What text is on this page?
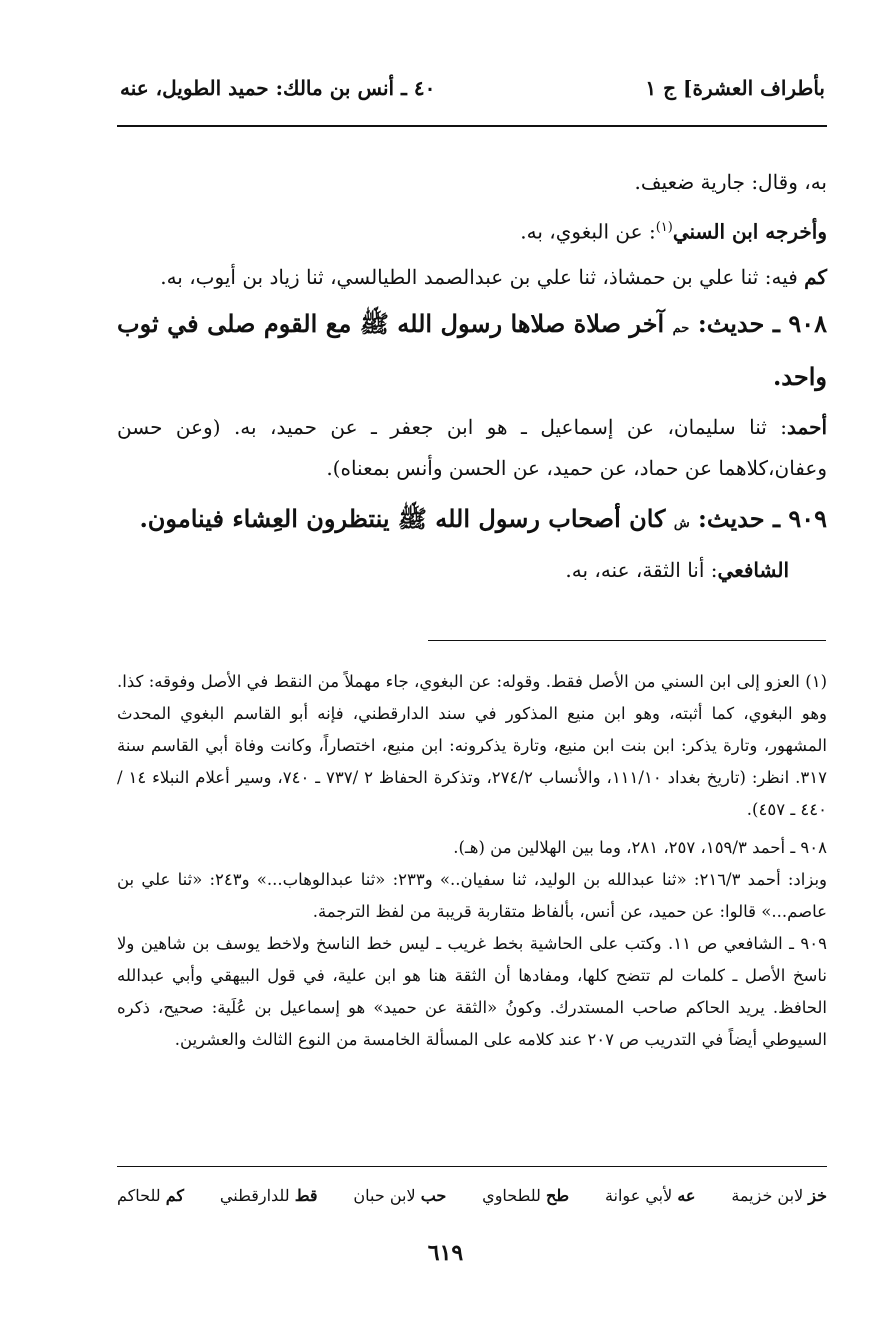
بأطراف العشرة] ج ١
٤٠ ـ أنس بن مالك: حميد الطويل، عنه

به، وقال: جارية ضعيف.

وأخرجه ابن السني$^{(١)}$: عن البغوي، به.

كم فيه: ثنا علي بن حمشاذ، ثنا علي بن عبدالصمد الطيالسي، ثنا زياد بن أيوب، به.

٩٠٨ ـ حديث: حم آخر صلاة صلاها رسول الله ﷺ مع القوم صلى في ثوب واحد.

أحمد: ثنا سليمان، عن إسماعيل ـ هو ابن جعفر ـ عن حميد، به. (وعن حسن وعفان،كلاهما عن حماد، عن حميد، عن الحسن وأنس بمعناه).

٩٠٩ ـ حديث: ش كان أصحاب رسول الله ﷺ ينتظرون العِشاء فينامون.

الشافعي: أنا الثقة، عنه، به.

(١) العزو إلى ابن السني من الأصل فقط. وقوله: عن البغوي، جاء مهملاً من النقط في الأصل وفوقه: كذا. وهو البغوي، كما أثبته، وهو ابن منيع المذكور في سند الدارقطني، فإنه أبو القاسم البغوي المحدث المشهور، وتارة يذكر: ابن بنت ابن منيع، وتارة يذكرونه: ابن منيع، اختصاراً، وكانت وفاة أبي القاسم سنة ٣١٧. انظر: (تاريخ بغداد ١١١/١٠، والأنساب ٢٧٤/٢، وتذكرة الحفاظ ٢ /٧٣٧ ـ ٧٤٠، وسير أعلام النبلاء ١٤ /٤٤٠ ـ ٤٥٧).

٩٠٨ ـ أحمد ١٥٩/٣، ٢٥٧، ٢٨١، وما بين الهلالين من (هـ).

وبزاد: أحمد ٢١٦/٣: «ثنا عبدالله بن الوليد، ثنا سفيان..» و٢٣٣: «ثنا عبدالوهاب...» و٢٤٣: «ثنا علي بن عاصم...» قالوا: عن حميد، عن أنس، بألفاظ متقاربة قريبة من لفظ الترجمة.

٩٠٩ ـ الشافعي ص ١١. وكتب على الحاشية بخط غريب ـ ليس خط الناسخ ولاخط يوسف بن شاهين ولا ناسخ الأصل ـ كلمات لم تتضح كلها، ومفادها أن الثقة هنا هو ابن علية، في قول البيهقي وأبي عبدالله الحافظ. يريد الحاكم صاحب المستدرك. وكونُ «الثقة عن حميد» هو إسماعيل بن عُلَية: صحيح، ذكره السيوطي أيضاً في التدريب ص ٢٠٧ عند كلامه على المسألة الخامسة من النوع الثالث والعشرين.

خز لابن خزيمة
عه لأبي عوانة
طح للطحاوي
حب لابن حبان
قط للدارقطني
كم للحاكم
٦١٩
